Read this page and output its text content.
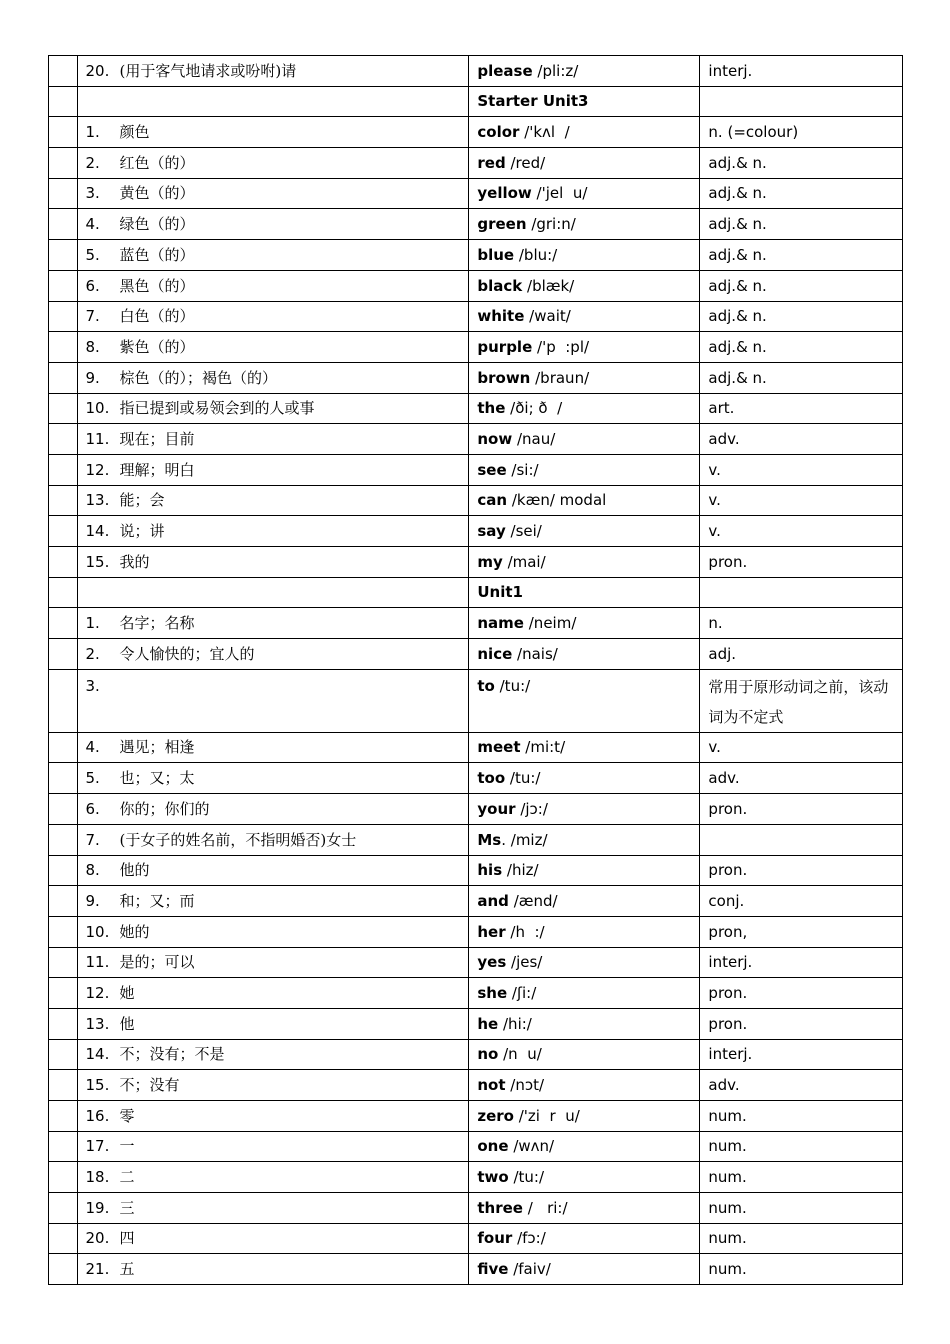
	20. (用于客气地请求或吩咐)请	please /pli:z/	interj.
		Starter Unit3	
	1. 颜色	color /'kʌl  /	n. (=colour)
	2. 红色（的）	red /red/	adj.& n.
	3. 黄色（的）	yellow /'jel  u/	adj.& n.
	4. 绿色（的）	green /gri:n/	adj.& n.
	5. 蓝色（的）	blue /blu:/	adj.& n.
	6. 黑色（的）	black /blæk/	adj.& n.
	7. 白色（的）	white /wait/	adj.& n.
	8. 紫色（的）	purple /'p  :pl/	adj.& n.
	9. 棕色（的）；褐色（的）	brown /braun/	adj.& n.
	10. 指已提到或易领会到的人或事	the /ði; ð  /	art.
	11. 现在；目前	now /nau/	adv.
	12. 理解；明白	see /si:/	v.
	13. 能；会	can /kæn/ modal	v.
	14. 说；讲	say /sei/	v.
	15. 我的	my /mai/	pron.
		Unit1	
	1. 名字；名称	name /neim/	n.
	2. 令人愉快的；宜人的	nice /nais/	adj.
	3.	to /tu:/	常用于原形动词之前，该动词为不定式
	4. 遇见；相逢	meet /mi:t/	v.
	5. 也；又；太	too /tu:/	adv.
	6. 你的；你们的	your /jɔ:/	pron.
	7. (于女子的姓名前，不指明婚否)女士	Ms. /miz/	
	8. 他的	his /hiz/	pron.
	9. 和；又；而	and /ænd/	conj.
	10. 她的	her /h  :/	pron,
	11. 是的；可以	yes /jes/	interj.
	12. 她	she /ʃi:/	pron.
	13. 他	he /hi:/	pron.
	14. 不；没有；不是	no /n  u/	interj.
	15. 不；没有	not /nɔt/	adv.
	16. 零	zero /'zi  r  u/	num.
	17. 一	one /wʌn/	num.
	18. 二	two /tu:/	num.
	19. 三	three /   ri:/	num.
	20. 四	four /fɔ:/	num.
	21. 五	five /faiv/	num.
